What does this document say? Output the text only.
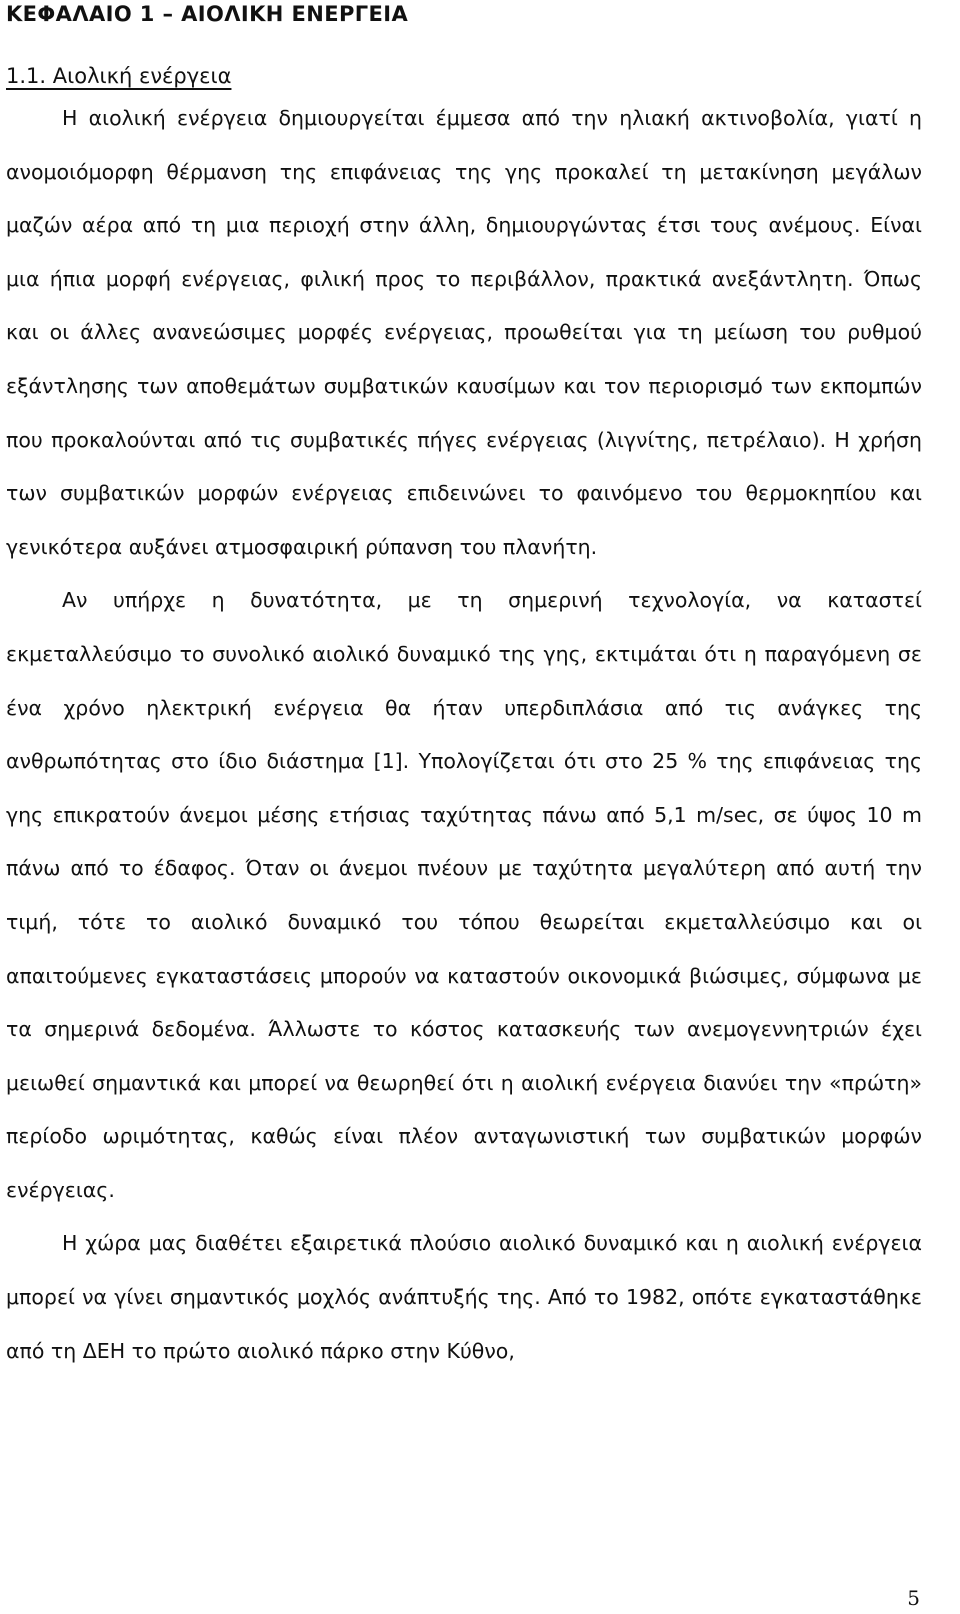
ΚΕΦΑΛΑΙΟ 1 – ΑΙΟΛΙΚΗ ΕΝΕΡΓΕΙΑ
1.1. Αιολική ενέργεια

Η αιολική ενέργεια δημιουργείται έμμεσα από την ηλιακή ακτινοβολία, γιατί η ανομοιόμορφη θέρμανση της επιφάνειας της γης προκαλεί τη μετακίνηση μεγάλων μαζών αέρα από τη μια περιοχή στην άλλη, δημιουργώντας έτσι τους ανέμους. Είναι μια ήπια μορφή ενέργειας, φιλική προς το περιβάλλον, πρακτικά ανεξάντλητη. Όπως και οι άλλες ανανεώσιμες μορφές ενέργειας, προωθείται για τη μείωση του ρυθμού εξάντλησης των αποθεμάτων συμβατικών καυσίμων και τον περιορισμό των εκπομπών που προκαλούνται από τις συμβατικές πήγες ενέργειας (λιγνίτης, πετρέλαιο). Η χρήση των συμβατικών μορφών ενέργειας επιδεινώνει το φαινόμενο του θερμοκηπίου και γενικότερα αυξάνει ατμοσφαιρική ρύπανση του πλανήτη.

Αν υπήρχε η δυνατότητα, με τη σημερινή τεχνολογία, να καταστεί εκμεταλλεύσιμο το συνολικό αιολικό δυναμικό της γης, εκτιμάται ότι η παραγόμενη σε ένα χρόνο ηλεκτρική ενέργεια θα ήταν υπερδιπλάσια από τις ανάγκες της ανθρωπότητας στο ίδιο διάστημα [1]. Υπολογίζεται ότι στο 25 % της επιφάνειας της γης επικρατούν άνεμοι μέσης ετήσιας ταχύτητας πάνω από 5,1 m/sec, σε ύψος 10 m πάνω από το έδαφος. Όταν οι άνεμοι πνέουν με ταχύτητα μεγαλύτερη από αυτή την τιμή, τότε το αιολικό δυναμικό του τόπου θεωρείται εκμεταλλεύσιμο και οι απαιτούμενες εγκαταστάσεις μπορούν να καταστούν οικονομικά βιώσιμες, σύμφωνα με τα σημερινά δεδομένα. Άλλωστε το κόστος κατασκευής των ανεμογεννητριών έχει μειωθεί σημαντικά και μπορεί να θεωρηθεί ότι η αιολική ενέργεια διανύει την «πρώτη» περίοδο ωριμότητας, καθώς είναι πλέον ανταγωνιστική των συμβατικών μορφών ενέργειας.

Η χώρα μας διαθέτει εξαιρετικά πλούσιο αιολικό δυναμικό και η αιολική ενέργεια μπορεί να γίνει σημαντικός μοχλός ανάπτυξής της. Από το 1982, οπότε εγκαταστάθηκε από τη ΔΕΗ το πρώτο αιολικό πάρκο στην Κύθνο,

5
